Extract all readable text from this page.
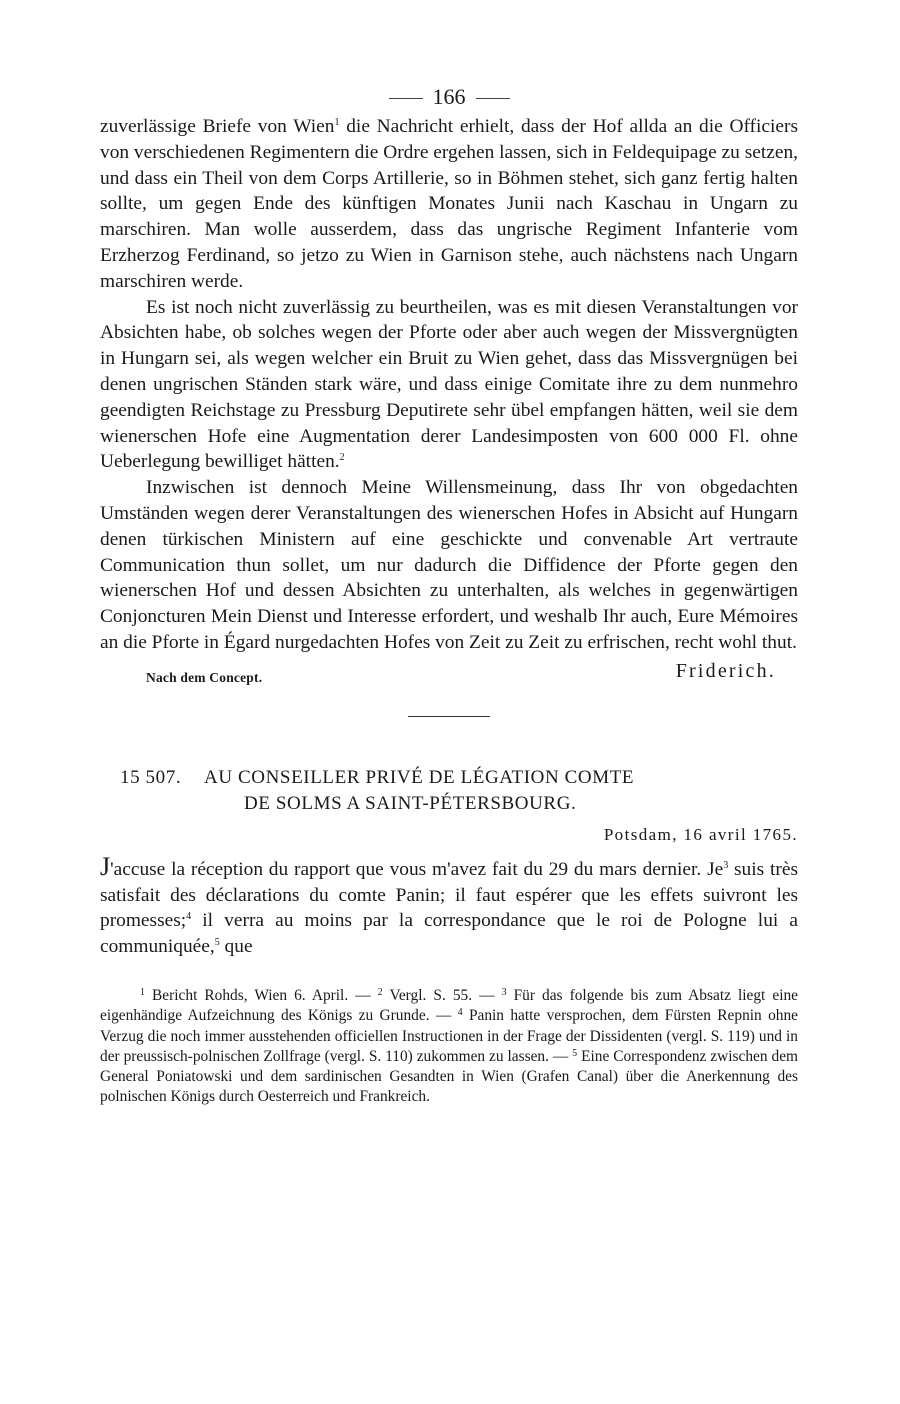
166

zuverlässige Briefe von Wien$^1$ die Nachricht erhielt, dass der Hof allda an die Officiers von verschiedenen Regimentern die Ordre ergehen lassen, sich in Feldequipage zu setzen, und dass ein Theil von dem Corps Artillerie, so in Böhmen stehet, sich ganz fertig halten sollte, um gegen Ende des künftigen Monates Junii nach Kaschau in Ungarn zu marschiren. Man wolle ausserdem, dass das ungrische Regiment Infanterie vom Erzherzog Ferdinand, so jetzo zu Wien in Garnison stehe, auch nächstens nach Ungarn marschiren werde.

Es ist noch nicht zuverlässig zu beurtheilen, was es mit diesen Veranstaltungen vor Absichten habe, ob solches wegen der Pforte oder aber auch wegen der Missvergnügten in Hungarn sei, als wegen welcher ein Bruit zu Wien gehet, dass das Missvergnügen bei denen ungrischen Ständen stark wäre, und dass einige Comitate ihre zu dem nunmehro geendigten Reichstage zu Pressburg Deputirete sehr übel empfangen hätten, weil sie dem wienerschen Hofe eine Augmentation derer Landesimposten von 600 000 Fl. ohne Ueberlegung bewilliget hätten.$^2$

Inzwischen ist dennoch Meine Willensmeinung, dass Ihr von obgedachten Umständen wegen derer Veranstaltungen des wienerschen Hofes in Absicht auf Hungarn denen türkischen Ministern auf eine geschickte und convenable Art vertraute Communication thun sollet, um nur dadurch die Diffidence der Pforte gegen den wienerschen Hof und dessen Absichten zu unterhalten, als welches in gegenwärtigen Conjoncturen Mein Dienst und Interesse erfordert, und weshalb Ihr auch, Eure Mémoires an die Pforte in Égard nurgedachten Hofes von Zeit zu Zeit zu erfrischen, recht wohl thut.

Nach dem Concept.	Friderich.
15 507. AU CONSEILLER PRIVÉ DE LÉGATION COMTE
DE SOLMS A SAINT-PÉTERSBOURG.
Potsdam, 16 avril 1765.
J'accuse la réception du rapport que vous m'avez fait du 29 du mars dernier. Je$^3$ suis très satisfait des déclarations du comte Panin; il faut espérer que les effets suivront les promesses;$^4$ il verra au moins par la correspondance que le roi de Pologne lui a communiquée,$^5$ que

$^1$ Bericht Rohds, Wien 6. April. — $^2$ Vergl. S. 55. — $^3$ Für das folgende bis zum Absatz liegt eine eigenhändige Aufzeichnung des Königs zu Grunde. — $^4$ Panin hatte versprochen, dem Fürsten Repnin ohne Verzug die noch immer ausstehenden officiellen Instructionen in der Frage der Dissidenten (vergl. S. 119) und in der preussisch-polnischen Zollfrage (vergl. S. 110) zukommen zu lassen. — $^5$ Eine Correspondenz zwischen dem General Poniatowski und dem sardinischen Gesandten in Wien (Grafen Canal) über die Anerkennung des polnischen Königs durch Oesterreich und Frankreich.
